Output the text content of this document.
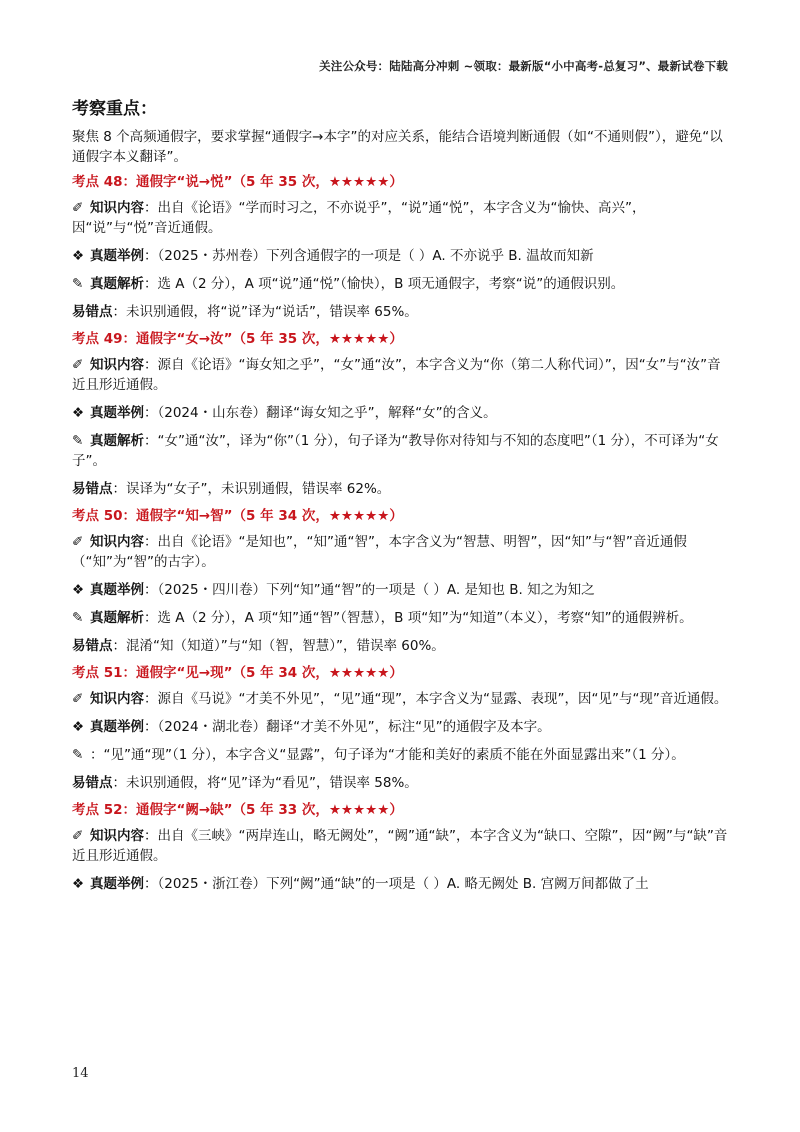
关注公众号：陆陆高分冲刺 ~领取：最新版“小中高考-总复习”、最新试卷下载
考察重点：
聚焦 8 个高频通假字，要求掌握“通假字→本字”的对应关系，能结合语境判断通假（如“不通则假”），避免“以通假字本义翻译”。
考点 48：通假字“说→悦”（5 年 35 次，★★★★★）
✐ 知识内容：出自《论语》“学而时习之，不亦说乎”，“说”通“悦”，本字含义为“愉快、高兴”，因“说”与“悦”音近通假。
❖ 真题举例：（2025・苏州卷）下列含通假字的一项是（ ）A. 不亦说乎 B. 温故而知新
✎ 真题解析：选 A（2 分），A 项“说”通“悦”（愉快），B 项无通假字，考察“说”的通假识别。
易错点：未识别通假，将“说”译为“说话”，错误率 65%。
考点 49：通假字“女→汝”（5 年 35 次，★★★★★）
✐ 知识内容：源自《论语》“诲女知之乎”，“女”通“汝”，本字含义为“你（第二人称代词）”，因“女”与“汝”音近且形近通假。
❖ 真题举例：（2024・山东卷）翻译“诲女知之乎”，解释“女”的含义。
✎ 真题解析：“女”通“汝”，译为“你”（1 分），句子译为“教导你对待知与不知的态度吧”（1 分），不可译为“女子”。
易错点：误译为“女子”，未识别通假，错误率 62%。
考点 50：通假字“知→智”（5 年 34 次，★★★★★）
✐ 知识内容：出自《论语》“是知也”，“知”通“智”，本字含义为“智慧、明智”，因“知”与“智”音近通假（“知”为“智”的古字）。
❖ 真题举例：（2025・四川卷）下列“知”通“智”的一项是（ ）A. 是知也 B. 知之为知之
✎ 真题解析：选 A（2 分），A 项“知”通“智”（智慧），B 项“知”为“知道”（本义），考察“知”的通假辨析。
易错点：混淆“知（知道）”与“知（智，智慧）”，错误率 60%。
考点 51：通假字“见→现”（5 年 34 次，★★★★★）
✐ 知识内容：源自《马说》“才美不外见”，“见”通“现”，本字含义为“显露、表现”，因“见”与“现”音近通假。
❖ 真题举例：（2024・湖北卷）翻译“才美不外见”，标注“见”的通假字及本字。
✎ ：“见”通“现”（1 分），本字含义“显露”，句子译为“才能和美好的素质不能在外面显露出来”（1 分）。
易错点：未识别通假，将“见”译为“看见”，错误率 58%。
考点 52：通假字“阙→缺”（5 年 33 次，★★★★★）
✐ 知识内容：出自《三峡》“两岸连山，略无阙处”，“阙”通“缺”，本字含义为“缺口、空隙”，因“阙”与“缺”音近且形近通假。
❖ 真题举例：（2025・浙江卷）下列“阙”通“缺”的一项是（ ）A. 略无阙处 B. 宫阙万间都做了土
14
